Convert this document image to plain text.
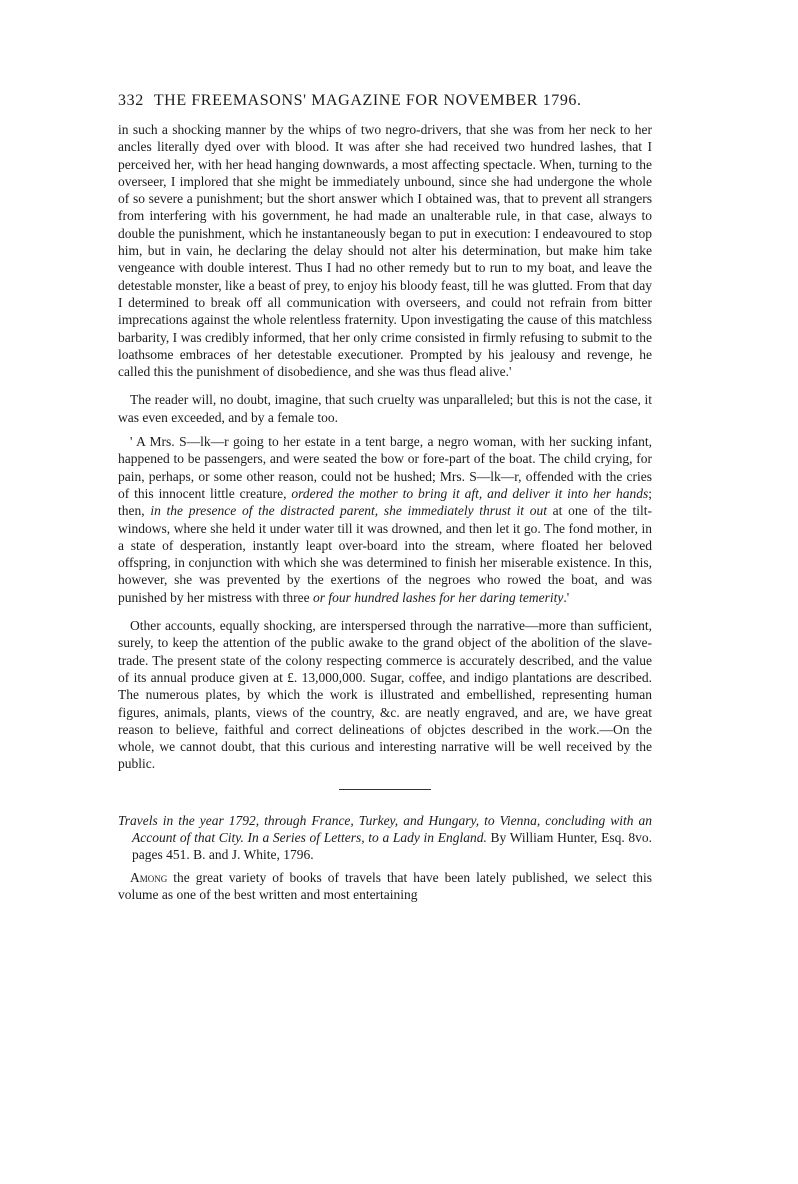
332 THE FREEMASONS' MAGAZINE FOR NOVEMBER 1796.

in such a shocking manner by the whips of two negro-drivers, that she was from her neck to her ancles literally dyed over with blood. It was after she had received two hundred lashes, that I perceived her, with her head hanging downwards, a most affecting spectacle. When, turning to the overseer, I implored that she might be immediately unbound, since she had undergone the whole of so severe a punishment; but the short answer which I obtained was, that to prevent all strangers from interfering with his government, he had made an unalterable rule, in that case, always to double the punishment, which he instantaneously began to put in execution: I endeavoured to stop him, but in vain, he declaring the delay should not alter his determination, but make him take vengeance with double interest. Thus I had no other remedy but to run to my boat, and leave the detestable monster, like a beast of prey, to enjoy his bloody feast, till he was glutted. From that day I determined to break off all communication with overseers, and could not refrain from bitter imprecations against the whole relentless fraternity. Upon investigating the cause of this matchless barbarity, I was credibly informed, that her only crime consisted in firmly refusing to submit to the loathsome embraces of her detestable executioner. Prompted by his jealousy and revenge, he called this the punishment of disobedience, and she was thus flead alive.'

The reader will, no doubt, imagine, that such cruelty was unparalleled; but this is not the case, it was even exceeded, and by a female too.

' A Mrs. S—lk—r going to her estate in a tent barge, a negro woman, with her sucking infant, happened to be passengers, and were seated the bow or fore-part of the boat. The child crying, for pain, perhaps, or some other reason, could not be hushed; Mrs. S—lk—r, offended with the cries of this innocent little creature, ordered the mother to bring it aft, and deliver it into her hands; then, in the presence of the distracted parent, she immediately thrust it out at one of the tilt-windows, where she held it under water till it was drowned, and then let it go. The fond mother, in a state of desperation, instantly leapt over-board into the stream, where floated her beloved offspring, in conjunction with which she was determined to finish her miserable existence. In this, however, she was prevented by the exertions of the negroes who rowed the boat, and was punished by her mistress with three or four hundred lashes for her daring temerity.'

Other accounts, equally shocking, are interspersed through the narrative—more than sufficient, surely, to keep the attention of the public awake to the grand object of the abolition of the slave-trade. The present state of the colony respecting commerce is accurately described, and the value of its annual produce given at £. 13,000,000. Sugar, coffee, and indigo plantations are described. The numerous plates, by which the work is illustrated and embellished, representing human figures, animals, plants, views of the country, &c. are neatly engraved, and are, we have great reason to believe, faithful and correct delineations of objctes described in the work.—On the whole, we cannot doubt, that this curious and interesting narrative will be well received by the public.

Travels in the year 1792, through France, Turkey, and Hungary, to Vienna, concluding with an Account of that City. In a Series of Letters, to a Lady in England. By William Hunter, Esq. 8vo. pages 451. B. and J. White, 1796.

Among the great variety of books of travels that have been lately published, we select this volume as one of the best written and most entertaining
